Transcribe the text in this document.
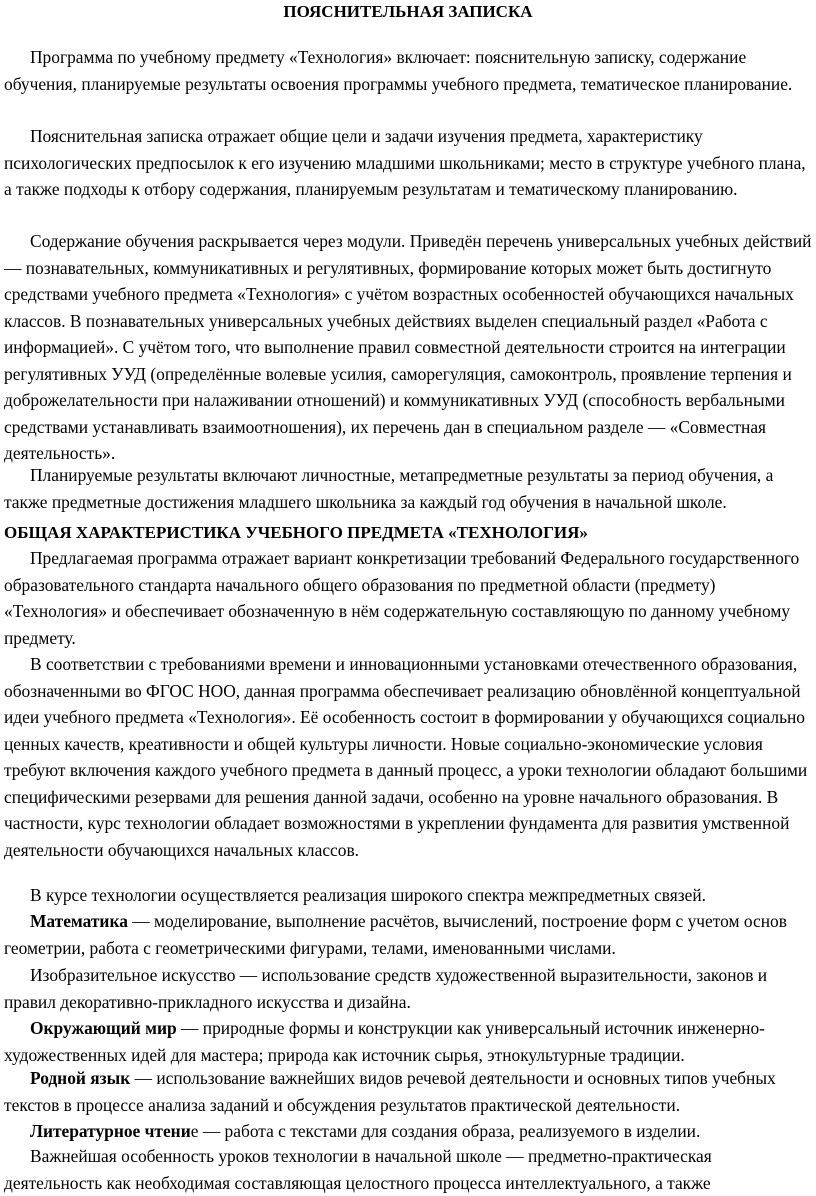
ПОЯСНИТЕЛЬНАЯ ЗАПИСКА

Программа по учебному предмету «Технология» включает: пояснительную записку, содержание обучения, планируемые результаты освоения программы учебного предмета, тематическое планирование.

Пояснительная записка отражает общие цели и задачи изучения предмета, характеристику психологических предпосылок к его изучению младшими школьниками; место в структуре учебного плана, а также подходы к отбору содержания, планируемым результатам и тематическому планированию.

Содержание обучения раскрывается через модули. Приведён перечень универсальных учебных действий — познавательных, коммуникативных и регулятивных, формирование которых может быть достигнуто средствами учебного предмета «Технология» с учётом возрастных особенностей обучающихся начальных классов. В познавательных универсальных учебных действиях выделен специальный раздел «Работа с информацией». С учётом того, что выполнение правил совместной деятельности строится на интеграции регулятивных УУД (определённые волевые усилия, саморегуляция, самоконтроль, проявление терпения и доброжелательности при налаживании отношений) и коммуникативных УУД (способность вербальными средствами устанавливать взаимоотношения), их перечень дан в специальном разделе — «Совместная деятельность».

Планируемые результаты включают личностные, метапредметные результаты за период обучения, а также предметные достижения младшего школьника за каждый год обучения в начальной школе.

ОБЩАЯ ХАРАКТЕРИСТИКА УЧЕБНОГО ПРЕДМЕТА «ТЕХНОЛОГИЯ»

Предлагаемая программа отражает вариант конкретизации требований Федерального государственного образовательного стандарта начального общего образования по предметной области (предмету) «Технология» и обеспечивает обозначенную в нём содержательную составляющую по данному учебному предмету.

В соответствии с требованиями времени и инновационными установками отечественного образования, обозначенными во ФГОС НОО, данная программа обеспечивает реализацию обновлённой концептуальной идеи учебного предмета «Технология». Её особенность состоит в формировании у обучающихся социально ценных качеств, креативности и общей культуры личности. Новые социально-экономические условия требуют включения каждого учебного предмета в данный процесс, а уроки технологии обладают большими специфическими резервами для решения данной задачи, особенно на уровне начального образования. В частности, курс технологии обладает возможностями в укреплении фундамента для развития умственной деятельности обучающихся начальных классов.

В курсе технологии осуществляется реализация широкого спектра межпредметных связей.

Математика — моделирование, выполнение расчётов, вычислений, построение форм с учетом основ геометрии, работа с геометрическими фигурами, телами, именованными числами.

Изобразительное искусство — использование средств художественной выразительности, законов и правил декоративно-прикладного искусства и дизайна.

Окружающий мир — природные формы и конструкции как универсальный источник инженерно-художественных идей для мастера; природа как источник сырья, этнокультурные традиции.

Родной язык — использование важнейших видов речевой деятельности и основных типов учебных текстов в процессе анализа заданий и обсуждения результатов практической деятельности.

Литературное чтение — работа с текстами для создания образа, реализуемого в изделии.

Важнейшая особенность уроков технологии в начальной школе — предметно-практическая деятельность как необходимая составляющая целостного процесса интеллектуального, а также
